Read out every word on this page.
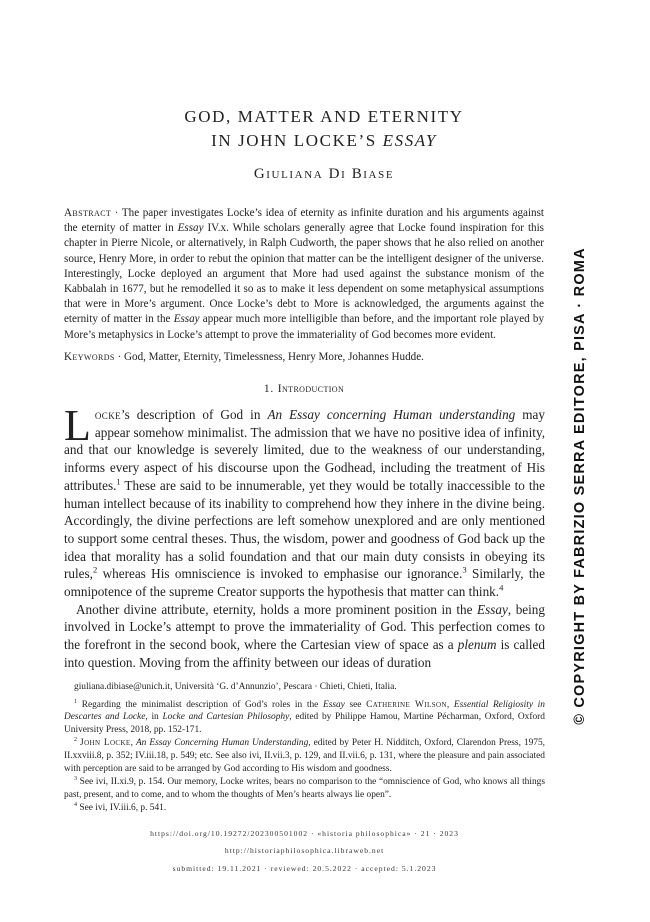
GOD, MATTER AND ETERNITY
IN JOHN LOCKE’S ESSAY
Giuliana Di Biase
Abstract · The paper investigates Locke’s idea of eternity as infinite duration and his arguments against the eternity of matter in Essay IV.x. While scholars generally agree that Locke found inspiration for this chapter in Pierre Nicole, or alternatively, in Ralph Cudworth, the paper shows that he also relied on another source, Henry More, in order to rebut the opinion that matter can be the intelligent designer of the universe. Interestingly, Locke deployed an argument that More had used against the substance monism of the Kabbalah in 1677, but he remodelled it so as to make it less dependent on some metaphysical assumptions that were in More’s argument. Once Locke’s debt to More is acknowledged, the arguments against the eternity of matter in the Essay appear much more intelligible than before, and the important role played by More’s metaphysics in Locke’s attempt to prove the immateriality of God becomes more evident.
Keywords · God, Matter, Eternity, Timelessness, Henry More, Johannes Hudde.
1. Introduction

Locke’s description of God in An Essay concerning Human understanding may appear somehow minimalist. The admission that we have no positive idea of infinity, and that our knowledge is severely limited, due to the weakness of our understanding, informs every aspect of his discourse upon the Godhead, including the treatment of His attributes.$^1$ These are said to be innumerable, yet they would be totally inaccessible to the human intellect because of its inability to comprehend how they inhere in the divine being. Accordingly, the divine perfections are left somehow unexplored and are only mentioned to support some central theses. Thus, the wisdom, power and goodness of God back up the idea that morality has a solid foundation and that our main duty consists in obeying its rules,$^2$ whereas His omniscience is invoked to emphasise our ignorance.$^3$ Similarly, the omnipotence of the supreme Creator supports the hypothesis that matter can think.$^4$

Another divine attribute, eternity, holds a more prominent position in the Essay, being involved in Locke’s attempt to prove the immateriality of God. This perfection comes to the forefront in the second book, where the Cartesian view of space as a plenum is called into question. Moving from the affinity between our ideas of duration

giuliana.dibiase@unich.it, Università ‘G. d’Annunzio’, Pescara · Chieti, Chieti, Italia.

$^1$ Regarding the minimalist description of God’s roles in the Essay see Catherine Wilson, Essential Religiosity in Descartes and Locke, in Locke and Cartesian Philosophy, edited by Philippe Hamou, Martine Pécharman, Oxford, Oxford University Press, 2018, pp. 152-171.

$^2$ John Locke, An Essay Concerning Human Understanding, edited by Peter H. Nidditch, Oxford, Clarendon Press, 1975, II.xxviii.8, p. 352; IV.iii.18, p. 549; etc. See also ivi, II.vii.3, p. 129, and II.vii.6, p. 131, where the pleasure and pain associated with perception are said to be arranged by God according to His wisdom and goodness.

$^3$ See ivi, II.xi.9, p. 154. Our memory, Locke writes, bears no comparison to the “omniscience of God, who knows all things past, present, and to come, and to whom the thoughts of Men’s hearts always lie open”.

$^4$ See ivi, IV.iii.6, p. 541.

https://doi.org/10.19272/202300501002 · «historia philosophica» · 21 · 2023
http://historiaphilosophica.libraweb.net
submitted: 19.11.2021 · reviewed: 20.5.2022 · accepted: 5.1.2023
© COPYRIGHT BY FABRIZIO SERRA EDITORE, PISA · ROMA
